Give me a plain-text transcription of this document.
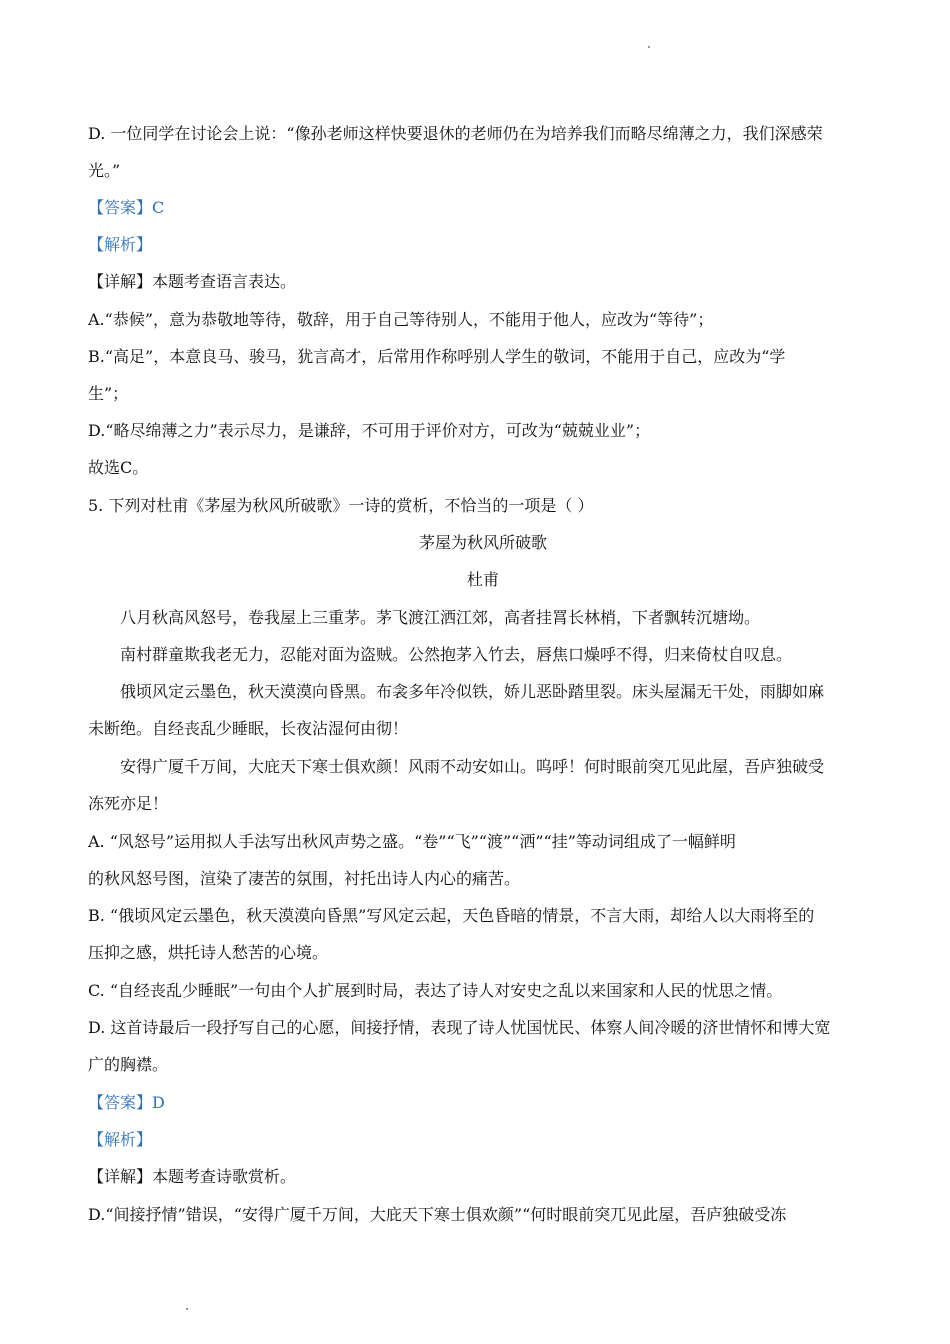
D. 一位同学在讨论会上说：“像孙老师这样快要退休的老师仍在为培养我们而略尽绵薄之力，我们深感荣
光。”
【答案】C
【解析】
【详解】本题考查语言表达。
A.“恭候”，意为恭敬地等待，敬辞，用于自己等待别人，不能用于他人，应改为“等待”；
B.“高足”，本意良马、骏马，犹言高才，后常用作称呼别人学生的敬词，不能用于自己，应改为“学
生”；
D.“略尽绵薄之力”表示尽力，是谦辞，不可用于评价对方，可改为“兢兢业业”；
故选C。
5. 下列对杜甫《茅屋为秋风所破歌》一诗的赏析，不恰当的一项是（ ）
茅屋为秋风所破歌
杜甫
八月秋高风怒号，卷我屋上三重茅。茅飞渡江洒江郊，高者挂罥长林梢，下者飘转沉塘坳。
南村群童欺我老无力，忍能对面为盗贼。公然抱茅入竹去，唇焦口燥呼不得，归来倚杖自叹息。
俄顷风定云墨色，秋天漠漠向昏黑。布衾多年冷似铁，娇儿恶卧踏里裂。床头屋漏无干处，雨脚如麻
未断绝。自经丧乱少睡眠，长夜沾湿何由彻！
安得广厦千万间，大庇天下寒士俱欢颜！风雨不动安如山。呜呼！何时眼前突兀见此屋，吾庐独破受
冻死亦足！
A. “风怒号”运用拟人手法写出秋风声势之盛。“卷”“飞”“渡”“洒”“挂”等动词组成了一幅鲜明
的秋风怒号图，渲染了凄苦的氛围，衬托出诗人内心的痛苦。
B. “俄顷风定云墨色，秋天漠漠向昏黑”写风定云起，天色昏暗的情景，不言大雨，却给人以大雨将至的
压抑之感，烘托诗人愁苦的心境。
C. “自经丧乱少睡眠”一句由个人扩展到时局，表达了诗人对安史之乱以来国家和人民的忧思之情。
D. 这首诗最后一段抒写自己的心愿，间接抒情，表现了诗人忧国忧民、体察人间冷暖的济世情怀和博大宽
广的胸襟。
【答案】D
【解析】
【详解】本题考查诗歌赏析。
D.“间接抒情”错误，“安得广厦千万间，大庇天下寒士俱欢颜”“何时眼前突兀见此屋，吾庐独破受冻
